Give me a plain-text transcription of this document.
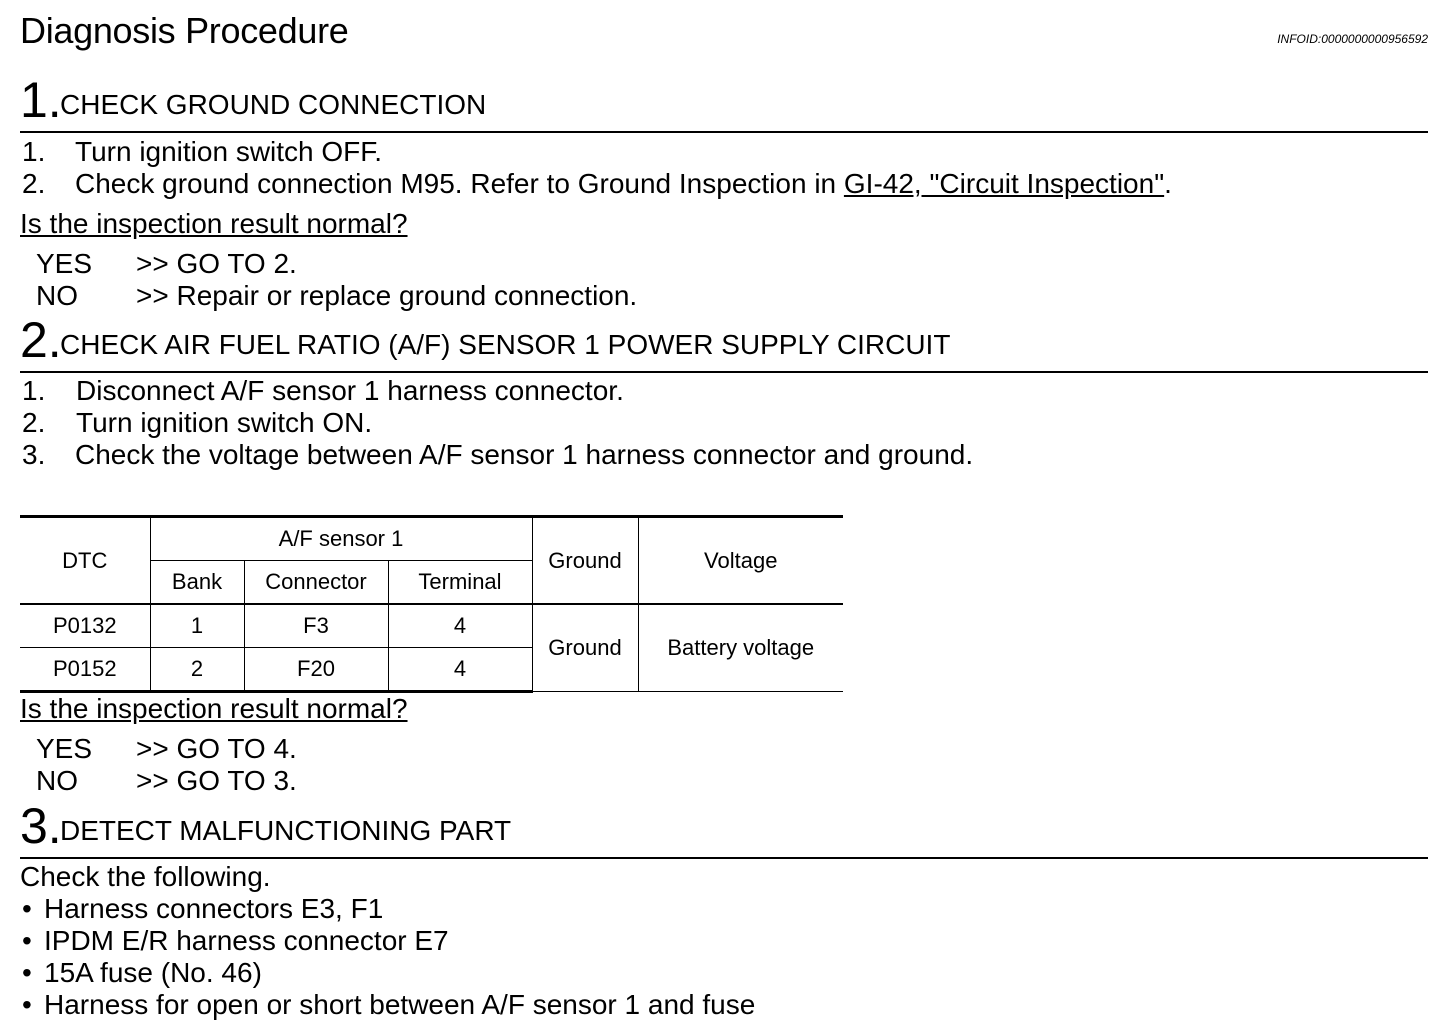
Diagnosis Procedure	INFOID:0000000000956592
1.
CHECK GROUND CONNECTION
1. Turn ignition switch OFF.
2. Check ground connection M95. Refer to Ground Inspection in GI-42, "Circuit Inspection".
Is the inspection result normal?
YES >> GO TO 2.
NO >> Repair or replace ground connection.
2.
CHECK AIR FUEL RATIO (A/F) SENSOR 1 POWER SUPPLY CIRCUIT
1. Disconnect A/F sensor 1 harness connector.
2. Turn ignition switch ON.
3. Check the voltage between A/F sensor 1 harness connector and ground.
DTC	A/F sensor 1			Ground	Voltage
	Bank	Connector	Terminal		
P0132	1	F3	4	Ground	Battery voltage
P0152	2	F20	4		
Is the inspection result normal?
YES >> GO TO 4.
NO >> GO TO 3.
3.
DETECT MALFUNCTIONING PART
Check the following.
• Harness connectors E3, F1
• IPDM E/R harness connector E7
• 15A fuse (No. 46)
• Harness for open or short between A/F sensor 1 and fuse
